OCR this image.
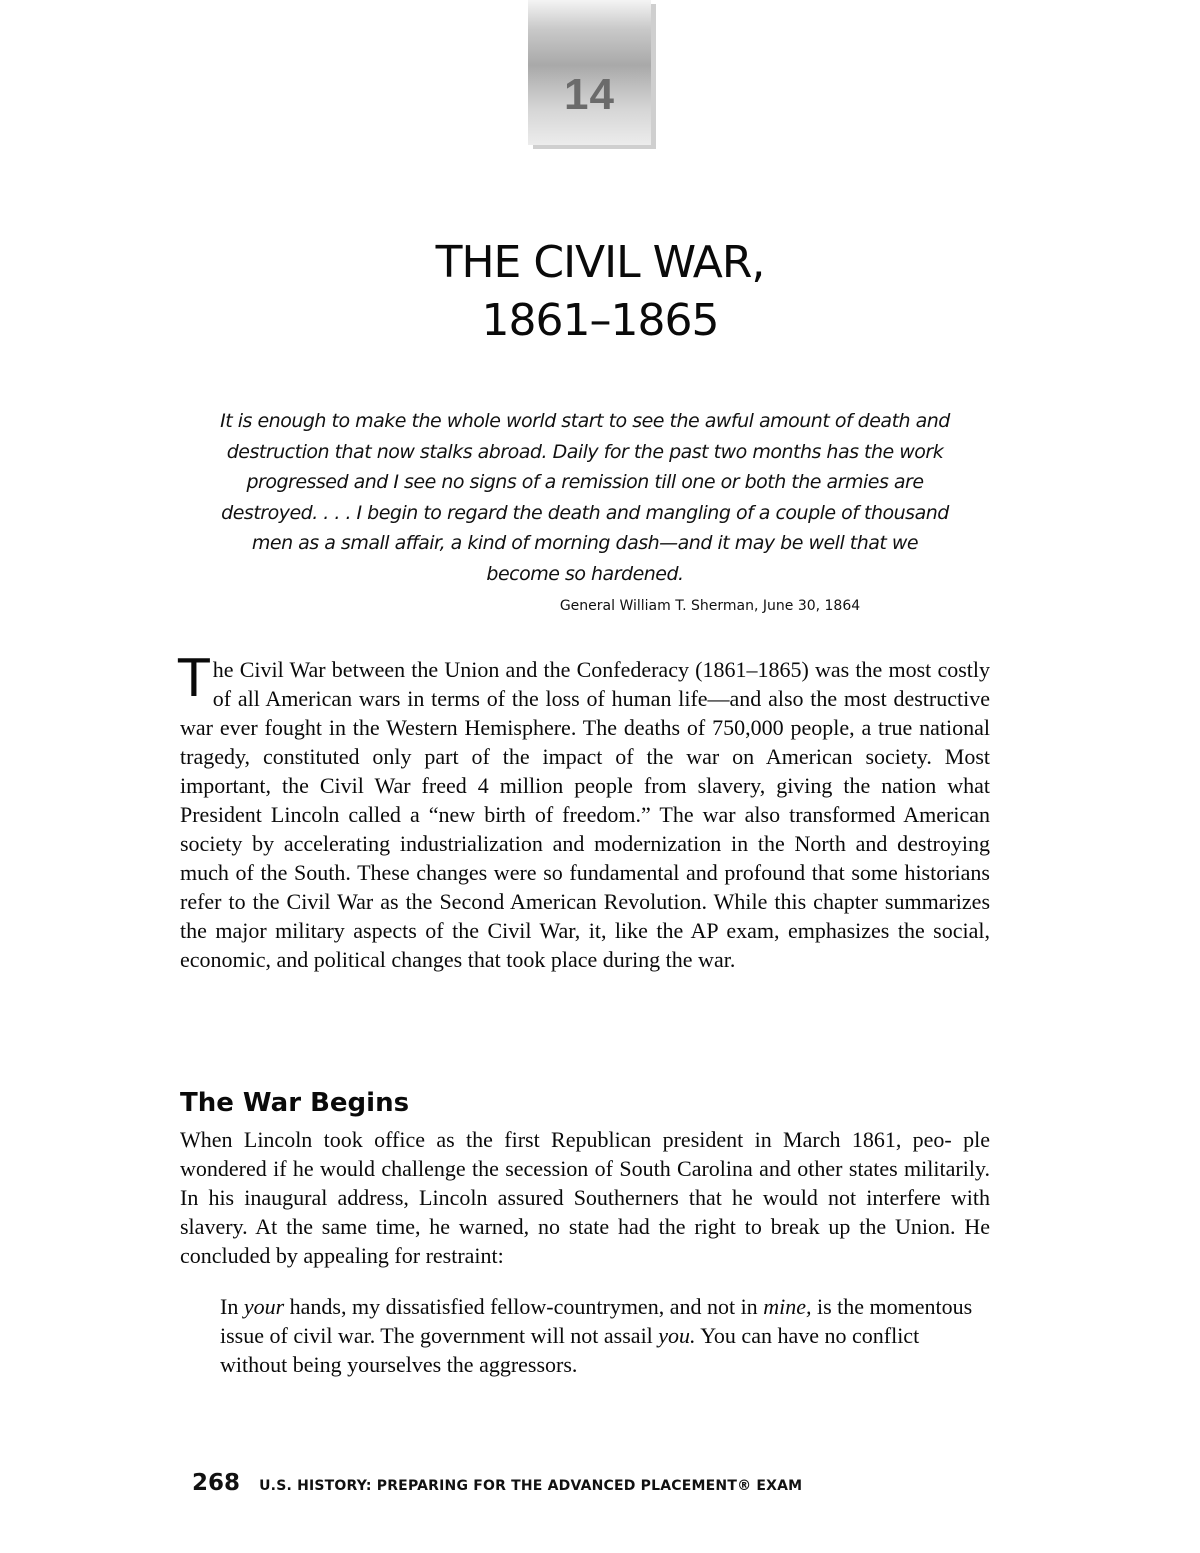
14
THE CIVIL WAR,
1861–1865

It is enough to make the whole world start to see the awful amount of death and destruction that now stalks abroad. Daily for the past two months has the work progressed and I see no signs of a remission till one or both the armies are destroyed. . . . I begin to regard the death and mangling of a couple of thousand men as a small affair, a kind of morning dash—and it may be well that we become so hardened.

General William T. Sherman, June 30, 1864

The Civil War between the Union and the Confederacy (1861–1865) was the most costly of all American wars in terms of the loss of human life—and also the most destructive war ever fought in the Western Hemisphere. The deaths of 750,000 people, a true national tragedy, constituted only part of the impact of the war on American society. Most important, the Civil War freed 4 million people from slavery, giving the nation what President Lincoln called a “new birth of freedom.” The war also transformed American society by accelerating industrialization and modernization in the North and destroying much of the South. These changes were so fundamental and profound that some historians refer to the Civil War as the Second American Revolution. While this chapter summarizes the major military aspects of the Civil War, it, like the AP exam, emphasizes the social, economic, and political changes that took place during the war.

The War Begins

When Lincoln took office as the first Republican president in March 1861, peo- ple wondered if he would challenge the secession of South Carolina and other states militarily. In his inaugural address, Lincoln assured Southerners that he would not interfere with slavery. At the same time, he warned, no state had the right to break up the Union. He concluded by appealing for restraint:

In your hands, my dissatisfied fellow-countrymen, and not in mine, is the momentous issue of civil war. The government will not assail you. You can have no conflict without being yourselves the aggressors.

268 U.S. HISTORY: PREPARING FOR THE ADVANCED PLACEMENT® EXAM
